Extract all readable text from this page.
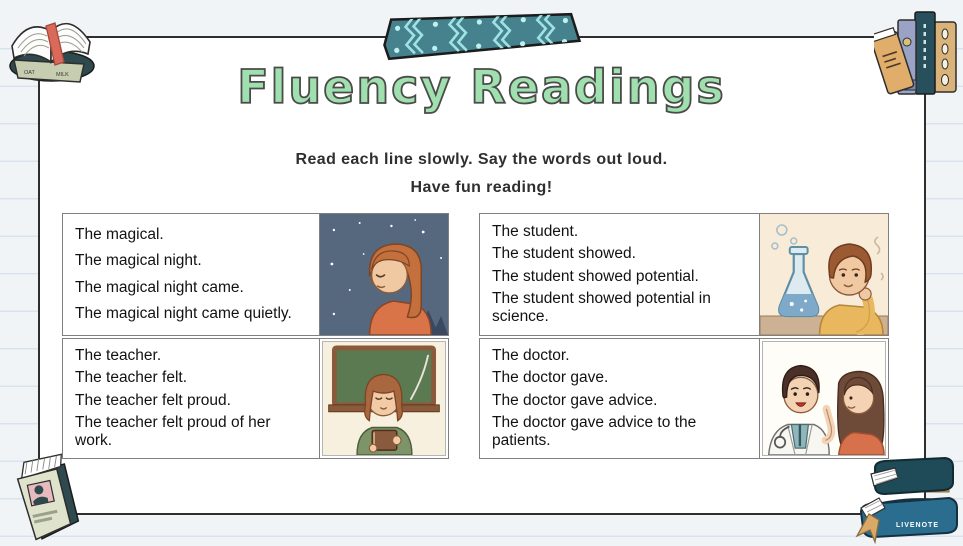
Fluency Readings
Read each line slowly. Say the words out loud.
Have fun reading!
The magical.
The magical night.
The magical night came.
The magical night came quietly.
The teacher.
The teacher felt.
The teacher felt proud.
The teacher felt proud of her work.
The student.
The student showed.
The student showed potential.
The student showed potential in science.
The doctor.
The doctor gave.
The doctor gave advice.
The doctor gave advice to the patients.
OAT	MILK
LIVENOTE
